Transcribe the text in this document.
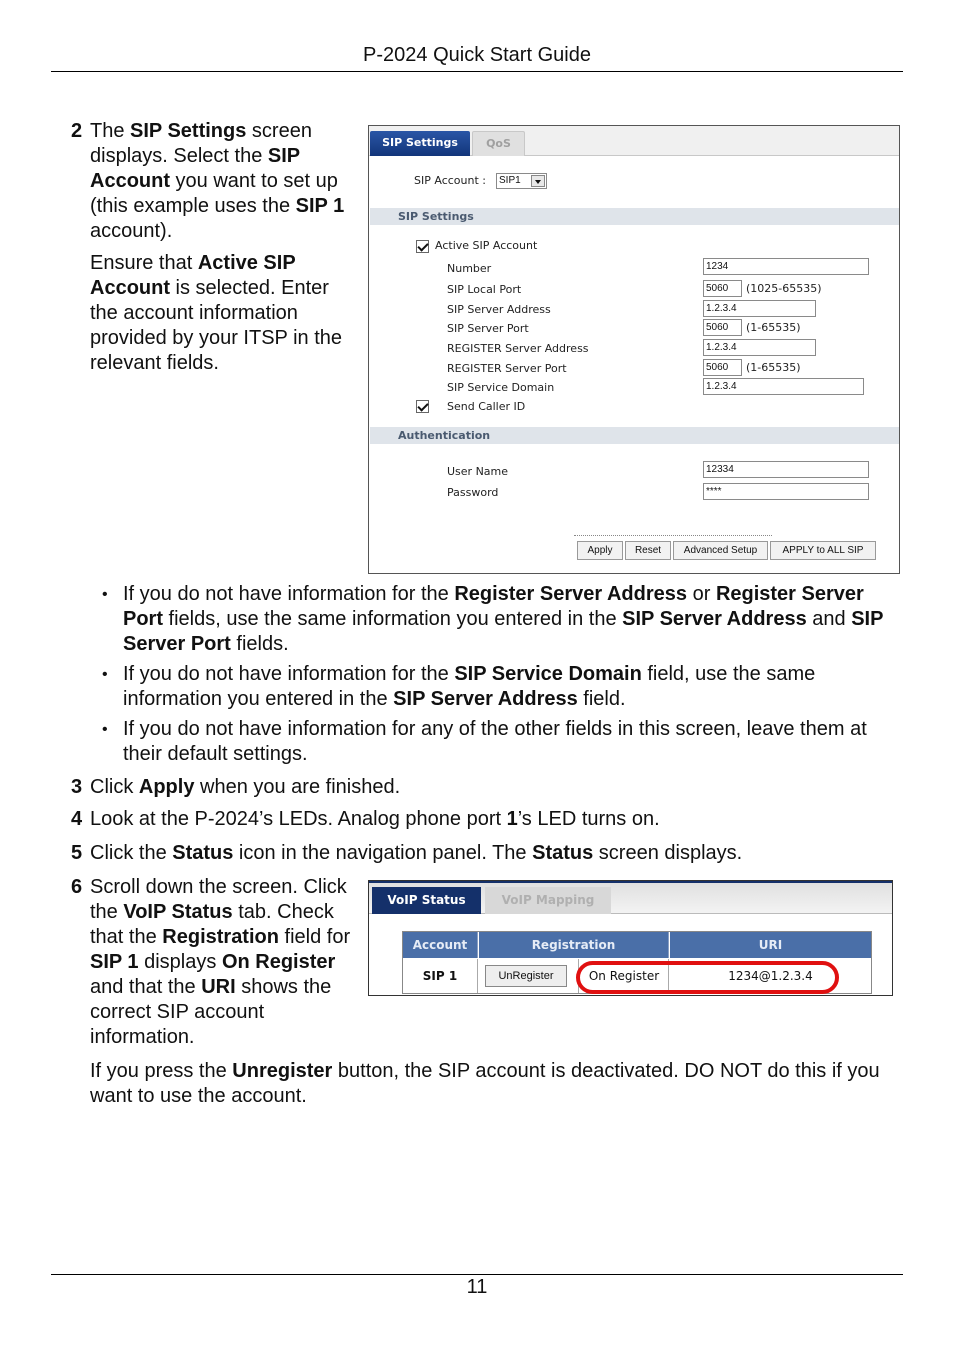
P-2024 Quick Start Guide
2 The SIP Settings screen displays. Select the SIP Account you want to set up (this example uses the SIP 1 account).
Ensure that Active SIP Account is selected. Enter the account information provided by your ITSP in the relevant fields.
SIP Settings	QoS
SIP Account :	SIP1
SIP Settings
Active SIP Account
Number	1234
SIP Local Port	5060	(1025-65535)
SIP Server Address	1.2.3.4
SIP Server Port	5060	(1-65535)
REGISTER Server Address	1.2.3.4
REGISTER Server Port	5060	(1-65535)
SIP Service Domain	1.2.3.4
Send Caller ID
Authentication
User Name	12334
Password	****
Apply	Reset	Advanced Setup	APPLY to ALL SIP
• If you do not have information for the Register Server Address or Register Server Port fields, use the same information you entered in the SIP Server Address and SIP Server Port fields.
• If you do not have information for the SIP Service Domain field, use the same information you entered in the SIP Server Address field.
• If you do not have information for any of the other fields in this screen, leave them at their default settings.
3 Click Apply when you are finished.
4 Look at the P-2024’s LEDs. Analog phone port 1’s LED turns on.
5 Click the Status icon in the navigation panel. The Status screen displays.
6 Scroll down the screen. Click the VoIP Status tab. Check that the Registration field for SIP 1 displays On Register and that the URI shows the correct SIP account information.
VoIP Status	VoIP Mapping
Account	Registration	URI
SIP 1	On Register	1234@1.2.3.4
UnRegister
If you press the Unregister button, the SIP account is deactivated. DO NOT do this if you want to use the account.
11
